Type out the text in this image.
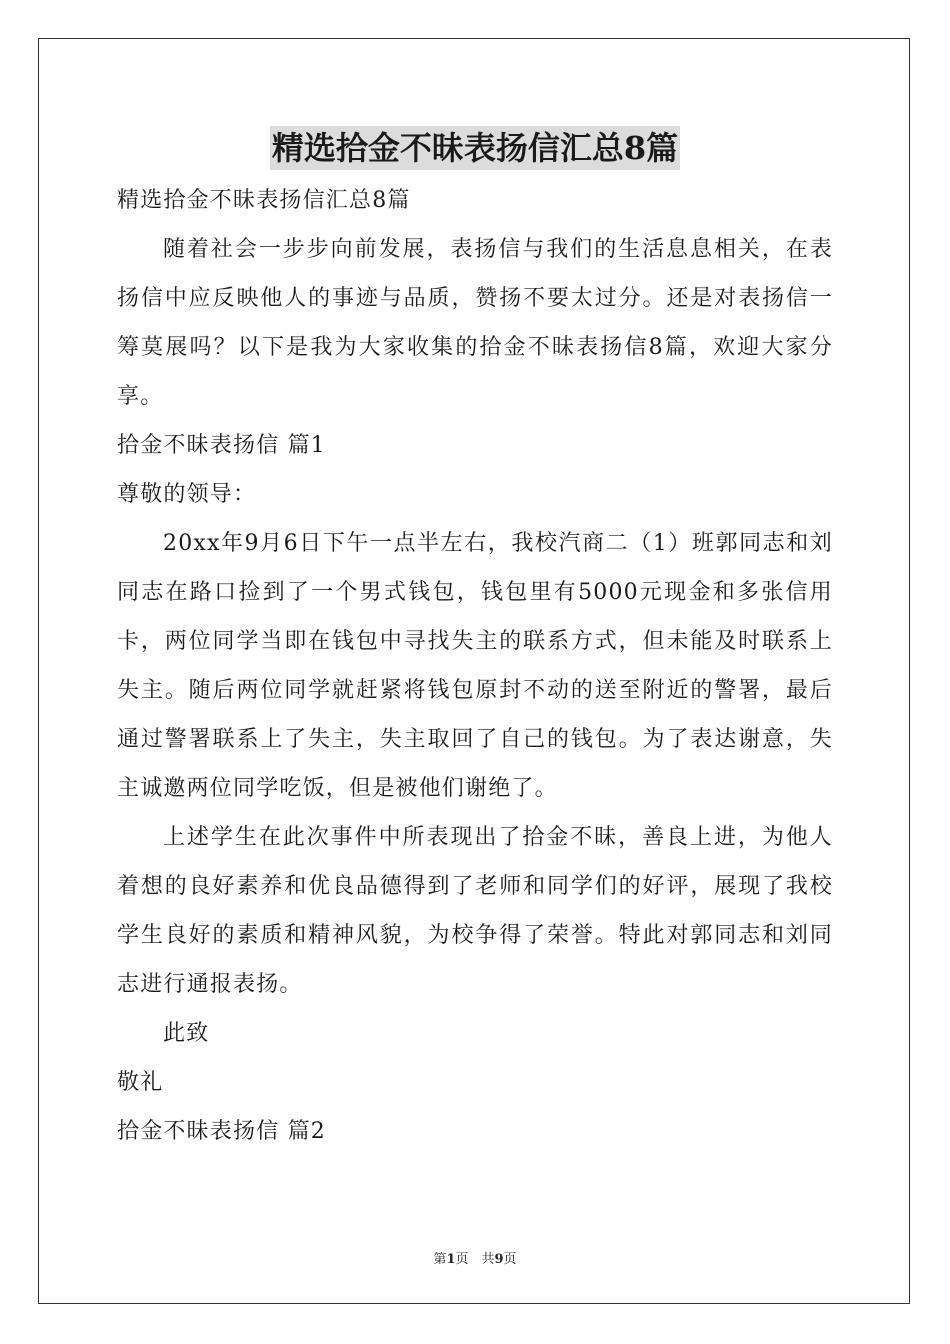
精选拾金不昧表扬信汇总8篇
精选拾金不昧表扬信汇总8篇

随着社会一步步向前发展，表扬信与我们的生活息息相关，在表扬信中应反映他人的事迹与品质，赞扬不要太过分。还是对表扬信一筹莫展吗？以下是我为大家收集的拾金不昧表扬信8篇，欢迎大家分享。

拾金不昧表扬信 篇1
尊敬的领导：

20xx年9月6日下午一点半左右，我校汽商二（1）班郭同志和刘同志在路口捡到了一个男式钱包，钱包里有5000元现金和多张信用卡，两位同学当即在钱包中寻找失主的联系方式，但未能及时联系上失主。随后两位同学就赶紧将钱包原封不动的送至附近的警署，最后通过警署联系上了失主，失主取回了自己的钱包。为了表达谢意，失主诚邀两位同学吃饭，但是被他们谢绝了。

上述学生在此次事件中所表现出了拾金不昧，善良上进，为他人着想的良好素养和优良品德得到了老师和同学们的好评，展现了我校学生良好的素质和精神风貌，为校争得了荣誉。特此对郭同志和刘同志进行通报表扬。

此致
敬礼
拾金不昧表扬信 篇2
第1页　共9页
